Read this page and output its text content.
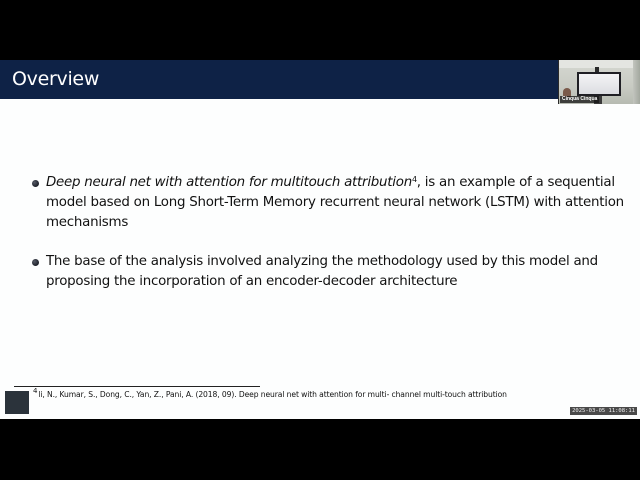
Overview
Cinqua Cinqua
Deep neural net with attention for multitouch attribution$^4$, is an example of a sequential model based on Long Short-Term Memory recurrent neural network (LSTM) with attention mechanisms
The base of the analysis involved analyzing the methodology used by this model and proposing the incorporation of an encoder-decoder architecture
$^4$li, N., Kumar, S., Dong, C., Yan, Z., Pani, A. (2018, 09). Deep neural net with attention for multi- channel multi-touch attribution
2025-03-05 11:08:11
